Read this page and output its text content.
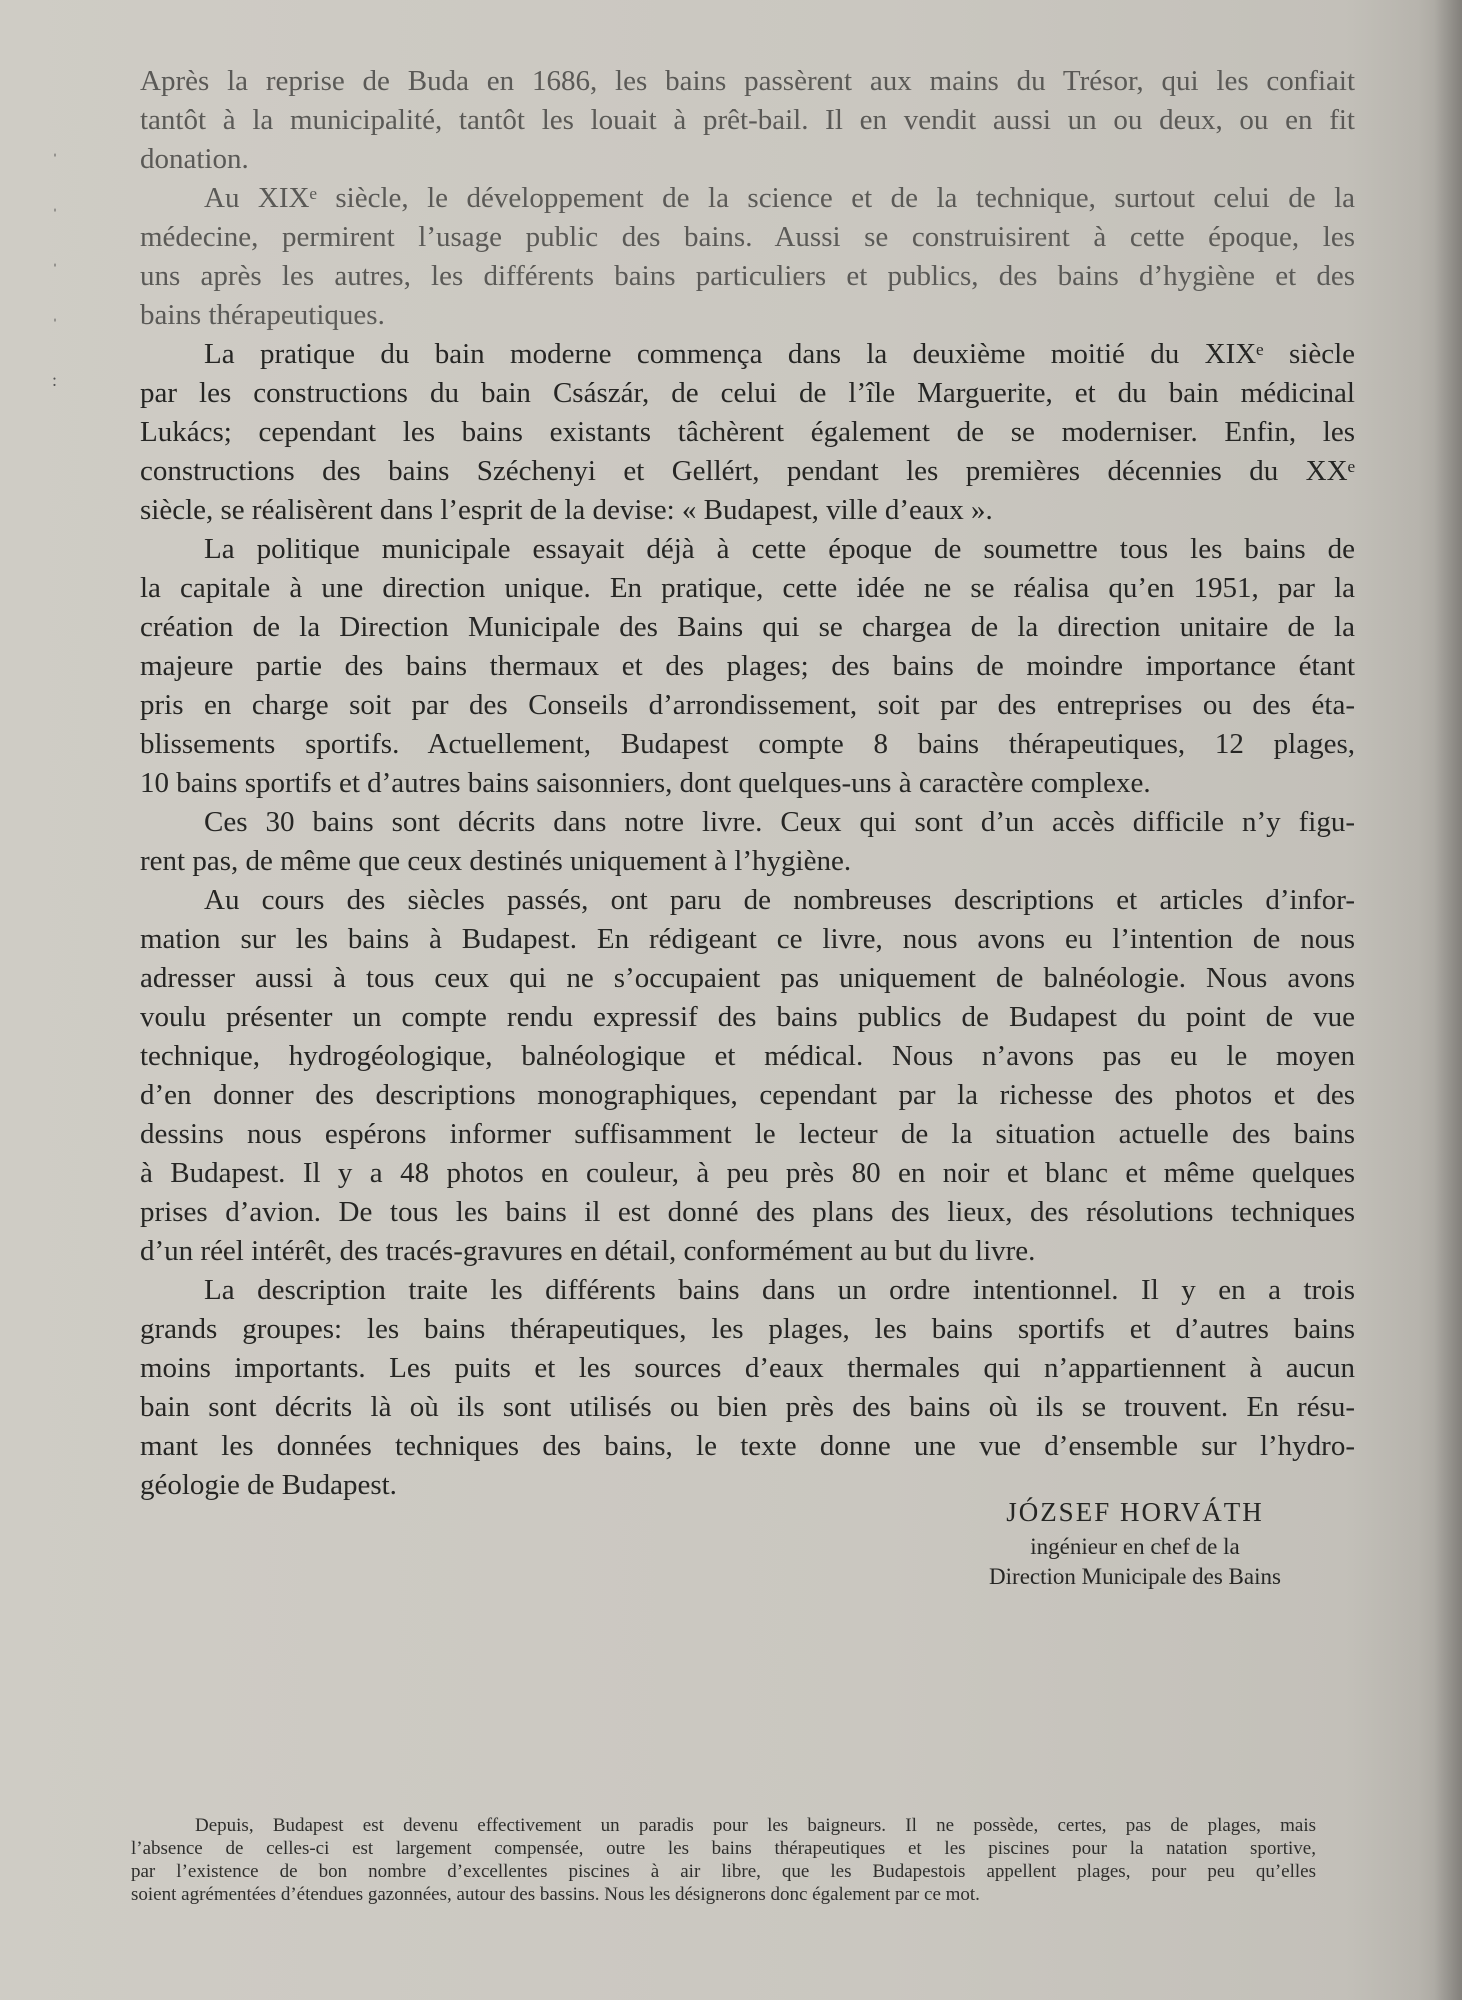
ˈ
ˈ
ˈ
ˈ
:
Après la reprise de Buda en 1686, les bains passèrent aux mains du Trésor, qui les confiait
tantôt à la municipalité, tantôt les louait à prêt-bail. Il en vendit aussi un ou deux, ou en fit
donation.
Au XIXᵉ siècle, le développement de la science et de la technique, surtout celui de la
médecine, permirent l’usage public des bains. Aussi se construisirent à cette époque, les
uns après les autres, les différents bains particuliers et publics, des bains d’hygiène et des
bains thérapeutiques.
La pratique du bain moderne commença dans la deuxième moitié du XIXᵉ siècle
par les constructions du bain Császár, de celui de l’île Marguerite, et du bain médicinal
Lukács; cependant les bains existants tâchèrent également de se moderniser. Enfin, les
constructions des bains Széchenyi et Gellért, pendant les premières décennies du XXᵉ
siècle, se réalisèrent dans l’esprit de la devise: « Budapest, ville d’eaux ».
La politique municipale essayait déjà à cette époque de soumettre tous les bains de
la capitale à une direction unique. En pratique, cette idée ne se réalisa qu’en 1951, par la
création de la Direction Municipale des Bains qui se chargea de la direction unitaire de la
majeure partie des bains thermaux et des plages; des bains de moindre importance étant
pris en charge soit par des Conseils d’arrondissement, soit par des entreprises ou des éta-
blissements sportifs. Actuellement, Budapest compte 8 bains thérapeutiques, 12 plages,
10 bains sportifs et d’autres bains saisonniers, dont quelques-uns à caractère complexe.
Ces 30 bains sont décrits dans notre livre. Ceux qui sont d’un accès difficile n’y figu-
rent pas, de même que ceux destinés uniquement à l’hygiène.
Au cours des siècles passés, ont paru de nombreuses descriptions et articles d’infor-
mation sur les bains à Budapest. En rédigeant ce livre, nous avons eu l’intention de nous
adresser aussi à tous ceux qui ne s’occupaient pas uniquement de balnéologie. Nous avons
voulu présenter un compte rendu expressif des bains publics de Budapest du point de vue
technique, hydrogéologique, balnéologique et médical. Nous n’avons pas eu le moyen
d’en donner des descriptions monographiques, cependant par la richesse des photos et des
dessins nous espérons informer suffisamment le lecteur de la situation actuelle des bains
à Budapest. Il y a 48 photos en couleur, à peu près 80 en noir et blanc et même quelques
prises d’avion. De tous les bains il est donné des plans des lieux, des résolutions techniques
d’un réel intérêt, des tracés-gravures en détail, conformément au but du livre.
La description traite les différents bains dans un ordre intentionnel. Il y en a trois
grands groupes: les bains thérapeutiques, les plages, les bains sportifs et d’autres bains
moins importants. Les puits et les sources d’eaux thermales qui n’appartiennent à aucun
bain sont décrits là où ils sont utilisés ou bien près des bains où ils se trouvent. En résu-
mant les données techniques des bains, le texte donne une vue d’ensemble sur l’hydro-
géologie de Budapest.
JÓZSEF HORVÁTH
ingénieur en chef de la
Direction Municipale des Bains
Depuis, Budapest est devenu effectivement un paradis pour les baigneurs. Il ne possède, certes, pas de plages, mais
l’absence de celles-ci est largement compensée, outre les bains thérapeutiques et les piscines pour la natation sportive,
par l’existence de bon nombre d’excellentes piscines à air libre, que les Budapestois appellent plages, pour peu qu’elles
soient agrémentées d’étendues gazonnées, autour des bassins. Nous les désignerons donc également par ce mot.
